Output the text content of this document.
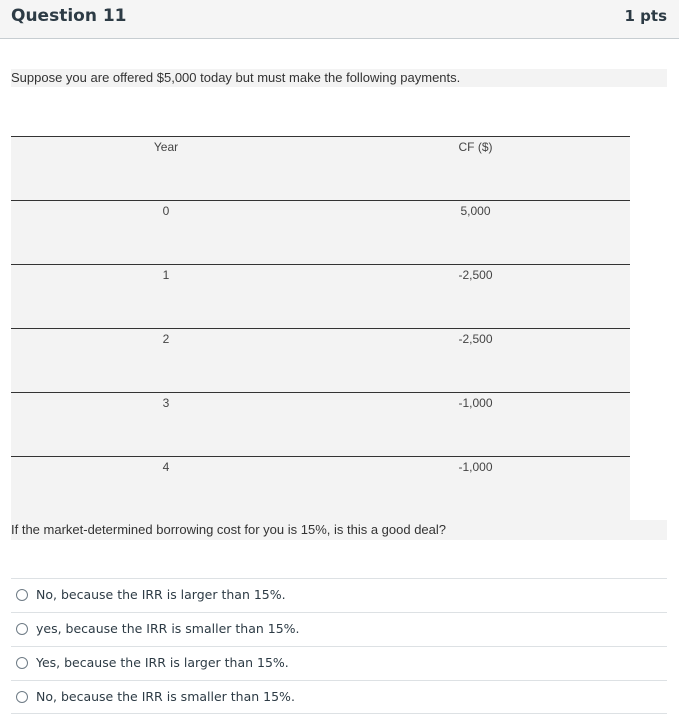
Question 11	1 pts
Suppose you are offered $5,000 today but must make the following payments.
Year	CF ($)
0	5,000
1	-2,500
2	-2,500
3	-1,000
4	-1,000
If the market-determined borrowing cost for you is 15%, is this a good deal?
No, because the IRR is larger than 15%.
yes, because the IRR is smaller than 15%.
Yes, because the IRR is larger than 15%.
No, because the IRR is smaller than 15%.
